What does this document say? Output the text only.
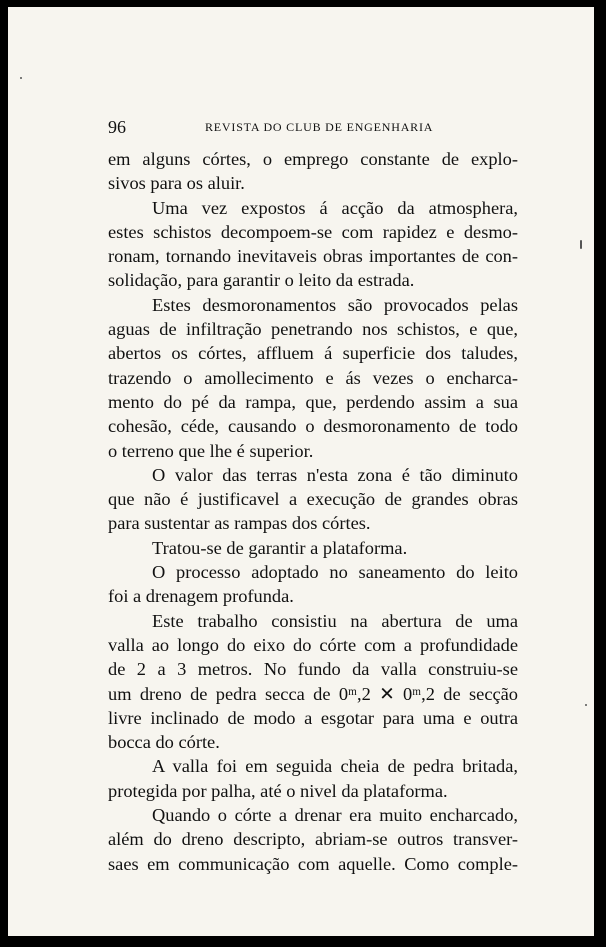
96	REVISTA DO CLUB DE ENGENHARIA
em alguns córtes, o emprego constante de explo-
sivos para os aluir.
Uma vez expostos á acção da atmosphera,
estes schistos decompoem-se com rapidez e desmo-
ronam, tornando inevitaveis obras importantes de con-
solidação, para garantir o leito da estrada.
Estes desmoronamentos são provocados pelas
aguas de infiltração penetrando nos schistos, e que,
abertos os córtes, affluem á superficie dos taludes,
trazendo o amollecimento e ás vezes o encharca-
mento do pé da rampa, que, perdendo assim a sua
cohesão, céde, causando o desmoronamento de todo
o terreno que lhe é superior.
O valor das terras n'esta zona é tão diminuto
que não é justificavel a execução de grandes obras
para sustentar as rampas dos córtes.
Tratou-se de garantir a plataforma.
O processo adoptado no saneamento do leito
foi a drenagem profunda.
Este trabalho consistiu na abertura de uma
valla ao longo do eixo do córte com a profundidade
de 2 a 3 metros. No fundo da valla construiu-se
um dreno de pedra secca de 0ᵐ,2 ✕ 0ᵐ,2 de secção
livre inclinado de modo a esgotar para uma e outra
bocca do córte.
A valla foi em seguida cheia de pedra britada,
protegida por palha, até o nivel da plataforma.
Quando o córte a drenar era muito encharcado,
além do dreno descripto, abriam-se outros transver-
saes em communicação com aquelle. Como comple-
